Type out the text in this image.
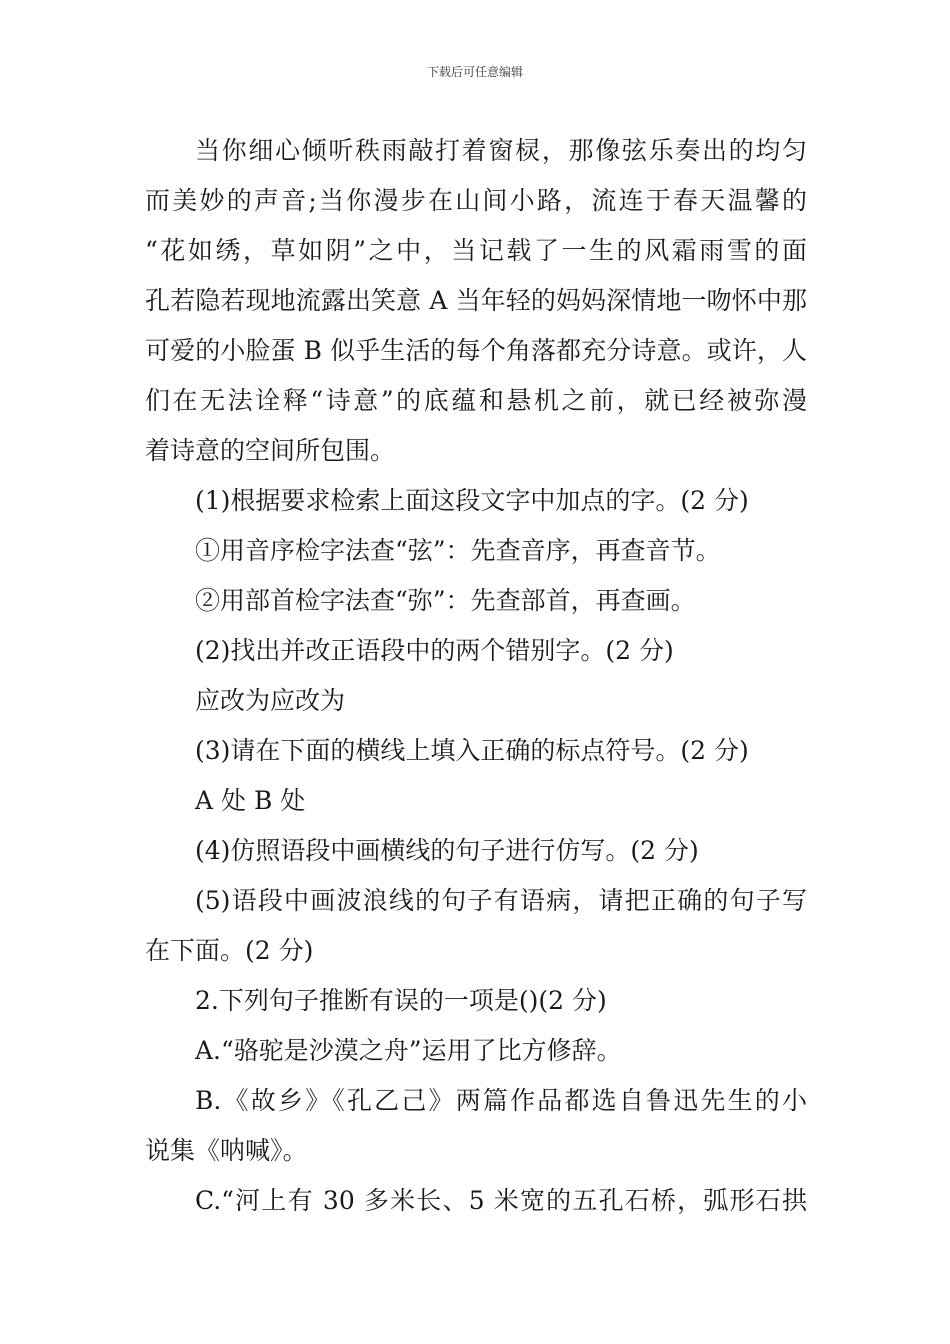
下载后可任意编辑
当你细心倾听秩雨敲打着窗棂，那像弦乐奏出的均匀
而美妙的声音;当你漫步在山间小路，流连于春天温馨的
“花如绣，草如阴”之中，当记载了一生的风霜雨雪的面
孔若隐若现地流露出笑意 A 当年轻的妈妈深情地一吻怀中那
可爱的小脸蛋 B 似乎生活的每个角落都充分诗意。或许，人
们在无法诠释“诗意”的底蕴和悬机之前，就已经被弥漫
着诗意的空间所包围。
(1)根据要求检索上面这段文字中加点的字。(2 分)
①用音序检字法查“弦”：先查音序，再查音节。
②用部首检字法查“弥”：先查部首，再查画。
(2)找出并改正语段中的两个错别字。(2 分)
应改为应改为
(3)请在下面的横线上填入正确的标点符号。(2 分)
A 处 B 处
(4)仿照语段中画横线的句子进行仿写。(2 分)
(5)语段中画波浪线的句子有语病，请把正确的句子写
在下面。(2 分)
2.下列句子推断有误的一项是()(2 分)
A.“骆驼是沙漠之舟”运用了比方修辞。
B.《故乡》《孔乙己》两篇作品都选自鲁迅先生的小
说集《呐喊》。
C.“河上有 30 多米长、5 米宽的五孔石桥，弧形石拱
